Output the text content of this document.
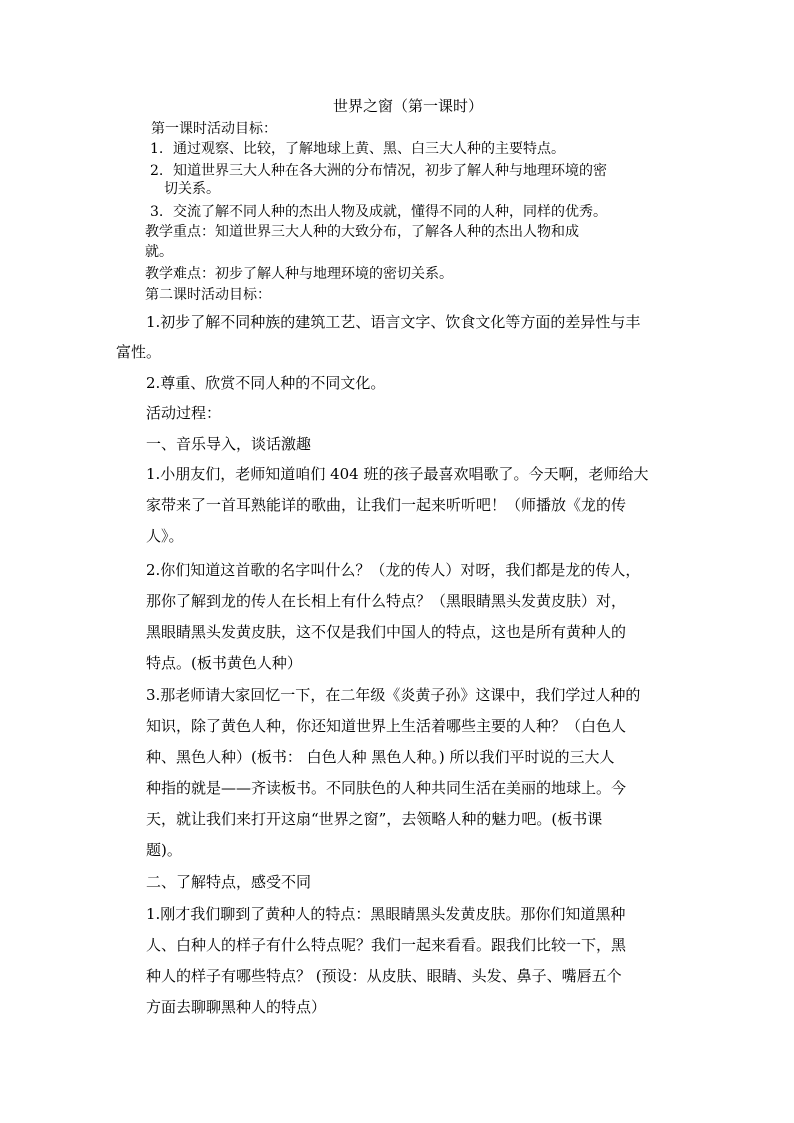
世界之窗（第一课时）
第一课时活动目标：
1. 通过观察、比较，了解地球上黄、黑、白三大人种的主要特点。
2. 知道世界三大人种在各大洲的分布情况，初步了解人种与地理环境的密
切关系。
3. 交流了解不同人种的杰出人物及成就，懂得不同的人种，同样的优秀。
教学重点：知道世界三大人种的大致分布，了解各人种的杰出人物和成
就。
教学难点：初步了解人种与地理环境的密切关系。
第二课时活动目标：
1.初步了解不同种族的建筑工艺、语言文字、饮食文化等方面的差异性与丰
富性。
2.尊重、欣赏不同人种的不同文化。
活动过程：
一、音乐导入，谈话激趣
1.小朋友们，老师知道咱们 404 班的孩子最喜欢唱歌了。今天啊，老师给大
家带来了一首耳熟能详的歌曲，让我们一起来听听吧！（师播放《龙的传
人》。
2.你们知道这首歌的名字叫什么？（龙的传人）对呀，我们都是龙的传人，
那你了解到龙的传人在长相上有什么特点？（黑眼睛黑头发黄皮肤）对，
黑眼睛黑头发黄皮肤，这不仅是我们中国人的特点，这也是所有黄种人的
特点。(板书黄色人种）
3.那老师请大家回忆一下，在二年级《炎黄子孙》这课中，我们学过人种的
知识，除了黄色人种，你还知道世界上生活着哪些主要的人种？（白色人
种、黑色人种）(板书： 白色人种 黑色人种。) 所以我们平时说的三大人
种指的就是——齐读板书。不同肤色的人种共同生活在美丽的地球上。今
天，就让我们来打开这扇“世界之窗”，去领略人种的魅力吧。(板书课
题)。
二、了解特点，感受不同
1.刚才我们聊到了黄种人的特点：黑眼睛黑头发黄皮肤。那你们知道黑种
人、白种人的样子有什么特点呢？我们一起来看看。跟我们比较一下，黑
种人的样子有哪些特点？ (预设：从皮肤、眼睛、头发、鼻子、嘴唇五个
方面去聊聊黑种人的特点）
